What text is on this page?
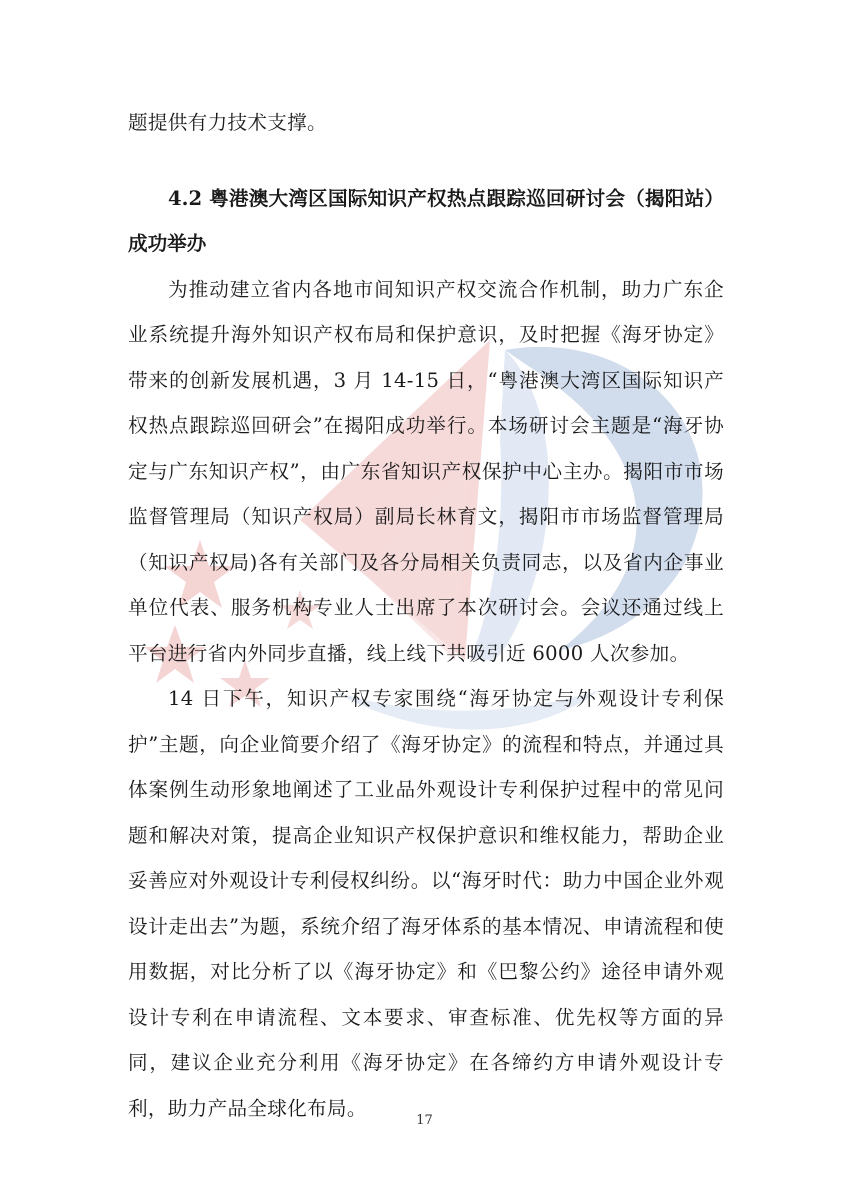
题提供有力技术支撑。

4.2 粤港澳大湾区国际知识产权热点跟踪巡回研讨会（揭阳站）成功举办

为推动建立省内各地市间知识产权交流合作机制，助力广东企业系统提升海外知识产权布局和保护意识，及时把握《海牙协定》带来的创新发展机遇，3 月 14-15 日，“粤港澳大湾区国际知识产权热点跟踪巡回研会”在揭阳成功举行。本场研讨会主题是“海牙协定与广东知识产权”，由广东省知识产权保护中心主办。揭阳市市场监督管理局（知识产权局）副局长林育文，揭阳市市场监督管理局（知识产权局)各有关部门及各分局相关负责同志，以及省内企事业单位代表、服务机构专业人士出席了本次研讨会。会议还通过线上平台进行省内外同步直播，线上线下共吸引近 6000 人次参加。

14 日下午，知识产权专家围绕“海牙协定与外观设计专利保护”主题，向企业简要介绍了《海牙协定》的流程和特点，并通过具体案例生动形象地阐述了工业品外观设计专利保护过程中的常见问题和解决对策，提高企业知识产权保护意识和维权能力，帮助企业妥善应对外观设计专利侵权纠纷。以“海牙时代：助力中国企业外观设计走出去”为题，系统介绍了海牙体系的基本情况、申请流程和使用数据，对比分析了以《海牙协定》和《巴黎公约》途径申请外观设计专利在申请流程、文本要求、审查标准、优先权等方面的异同，建议企业充分利用《海牙协定》在各缔约方申请外观设计专利，助力产品全球化布局。

17
